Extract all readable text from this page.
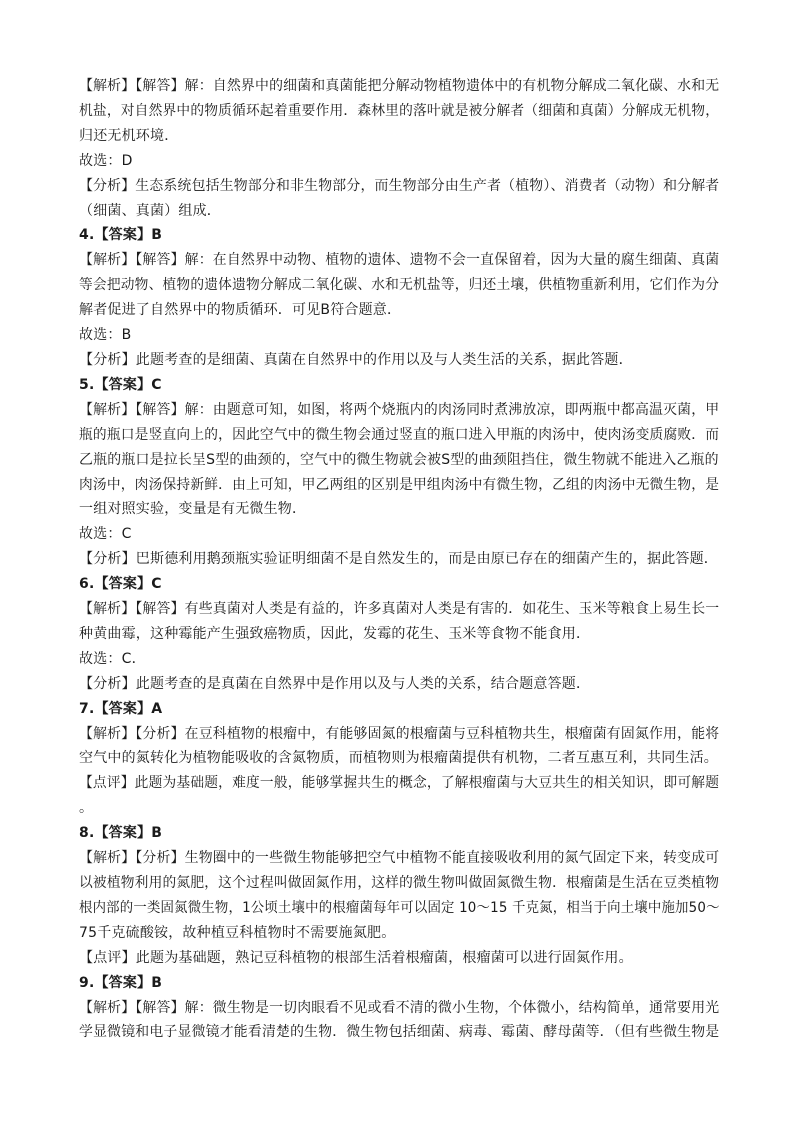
【解析】【解答】解：自然界中的细菌和真菌能把分解动物植物遗体中的有机物分解成二氧化碳、水和无
机盐，对自然界中的物质循环起着重要作用．森林里的落叶就是被分解者（细菌和真菌）分解成无机物，
归还无机环境．
故选：D
【分析】生态系统包括生物部分和非生物部分，而生物部分由生产者（植物）、消费者（动物）和分解者
（细菌、真菌）组成．
4.【答案】B
【解析】【解答】解：在自然界中动物、植物的遗体、遗物不会一直保留着，因为大量的腐生细菌、真菌
等会把动物、植物的遗体遗物分解成二氧化碳、水和无机盐等，归还土壤，供植物重新利用，它们作为分
解者促进了自然界中的物质循环．可见B符合题意．
故选：B
【分析】此题考查的是细菌、真菌在自然界中的作用以及与人类生活的关系，据此答题．
5.【答案】C
【解析】【解答】解：由题意可知，如图，将两个烧瓶内的肉汤同时煮沸放凉，即两瓶中都高温灭菌，甲
瓶的瓶口是竖直向上的，因此空气中的微生物会通过竖直的瓶口进入甲瓶的肉汤中，使肉汤变质腐败．而
乙瓶的瓶口是拉长呈S型的曲颈的，空气中的微生物就会被S型的曲颈阻挡住，微生物就不能进入乙瓶的
肉汤中，肉汤保持新鲜．由上可知，甲乙两组的区别是甲组肉汤中有微生物，乙组的肉汤中无微生物，是
一组对照实验，变量是有无微生物．
故选：C
【分析】巴斯德利用鹅颈瓶实验证明细菌不是自然发生的，而是由原已存在的细菌产生的，据此答题．
6.【答案】C
【解析】【解答】有些真菌对人类是有益的，许多真菌对人类是有害的．如花生、玉米等粮食上易生长一
种黄曲霉，这种霉能产生强致癌物质，因此，发霉的花生、玉米等食物不能食用．
故选：C．
【分析】此题考查的是真菌在自然界中是作用以及与人类的关系，结合题意答题．
7.【答案】A
【解析】【分析】在豆科植物的根瘤中，有能够固氮的根瘤菌与豆科植物共生，根瘤菌有固氮作用，能将
空气中的氮转化为植物能吸收的含氮物质，而植物则为根瘤菌提供有机物，二者互惠互利，共同生活。
【点评】此题为基础题，难度一般，能够掌握共生的概念，了解根瘤菌与大豆共生的相关知识，即可解题
。
8.【答案】B
【解析】【分析】生物圈中的一些微生物能够把空气中植物不能直接吸收利用的氮气固定下来，转变成可
以被植物利用的氮肥，这个过程叫做固氮作用，这样的微生物叫做固氮微生物．根瘤菌是生活在豆类植物
根内部的一类固氮微生物，1公顷土壤中的根瘤菌每年可以固定 10～15 千克氮，相当于向土壤中施加50～
75千克硫酸铵，故种植豆科植物时不需要施氮肥。
【点评】此题为基础题，熟记豆科植物的根部生活着根瘤菌，根瘤菌可以进行固氮作用。
9.【答案】B
【解析】【解答】解：微生物是一切肉眼看不见或看不清的微小生物，个体微小，结构简单，通常要用光
学显微镜和电子显微镜才能看清楚的生物．微生物包括细菌、病毒、霉菌、酵母菌等．（但有些微生物是
